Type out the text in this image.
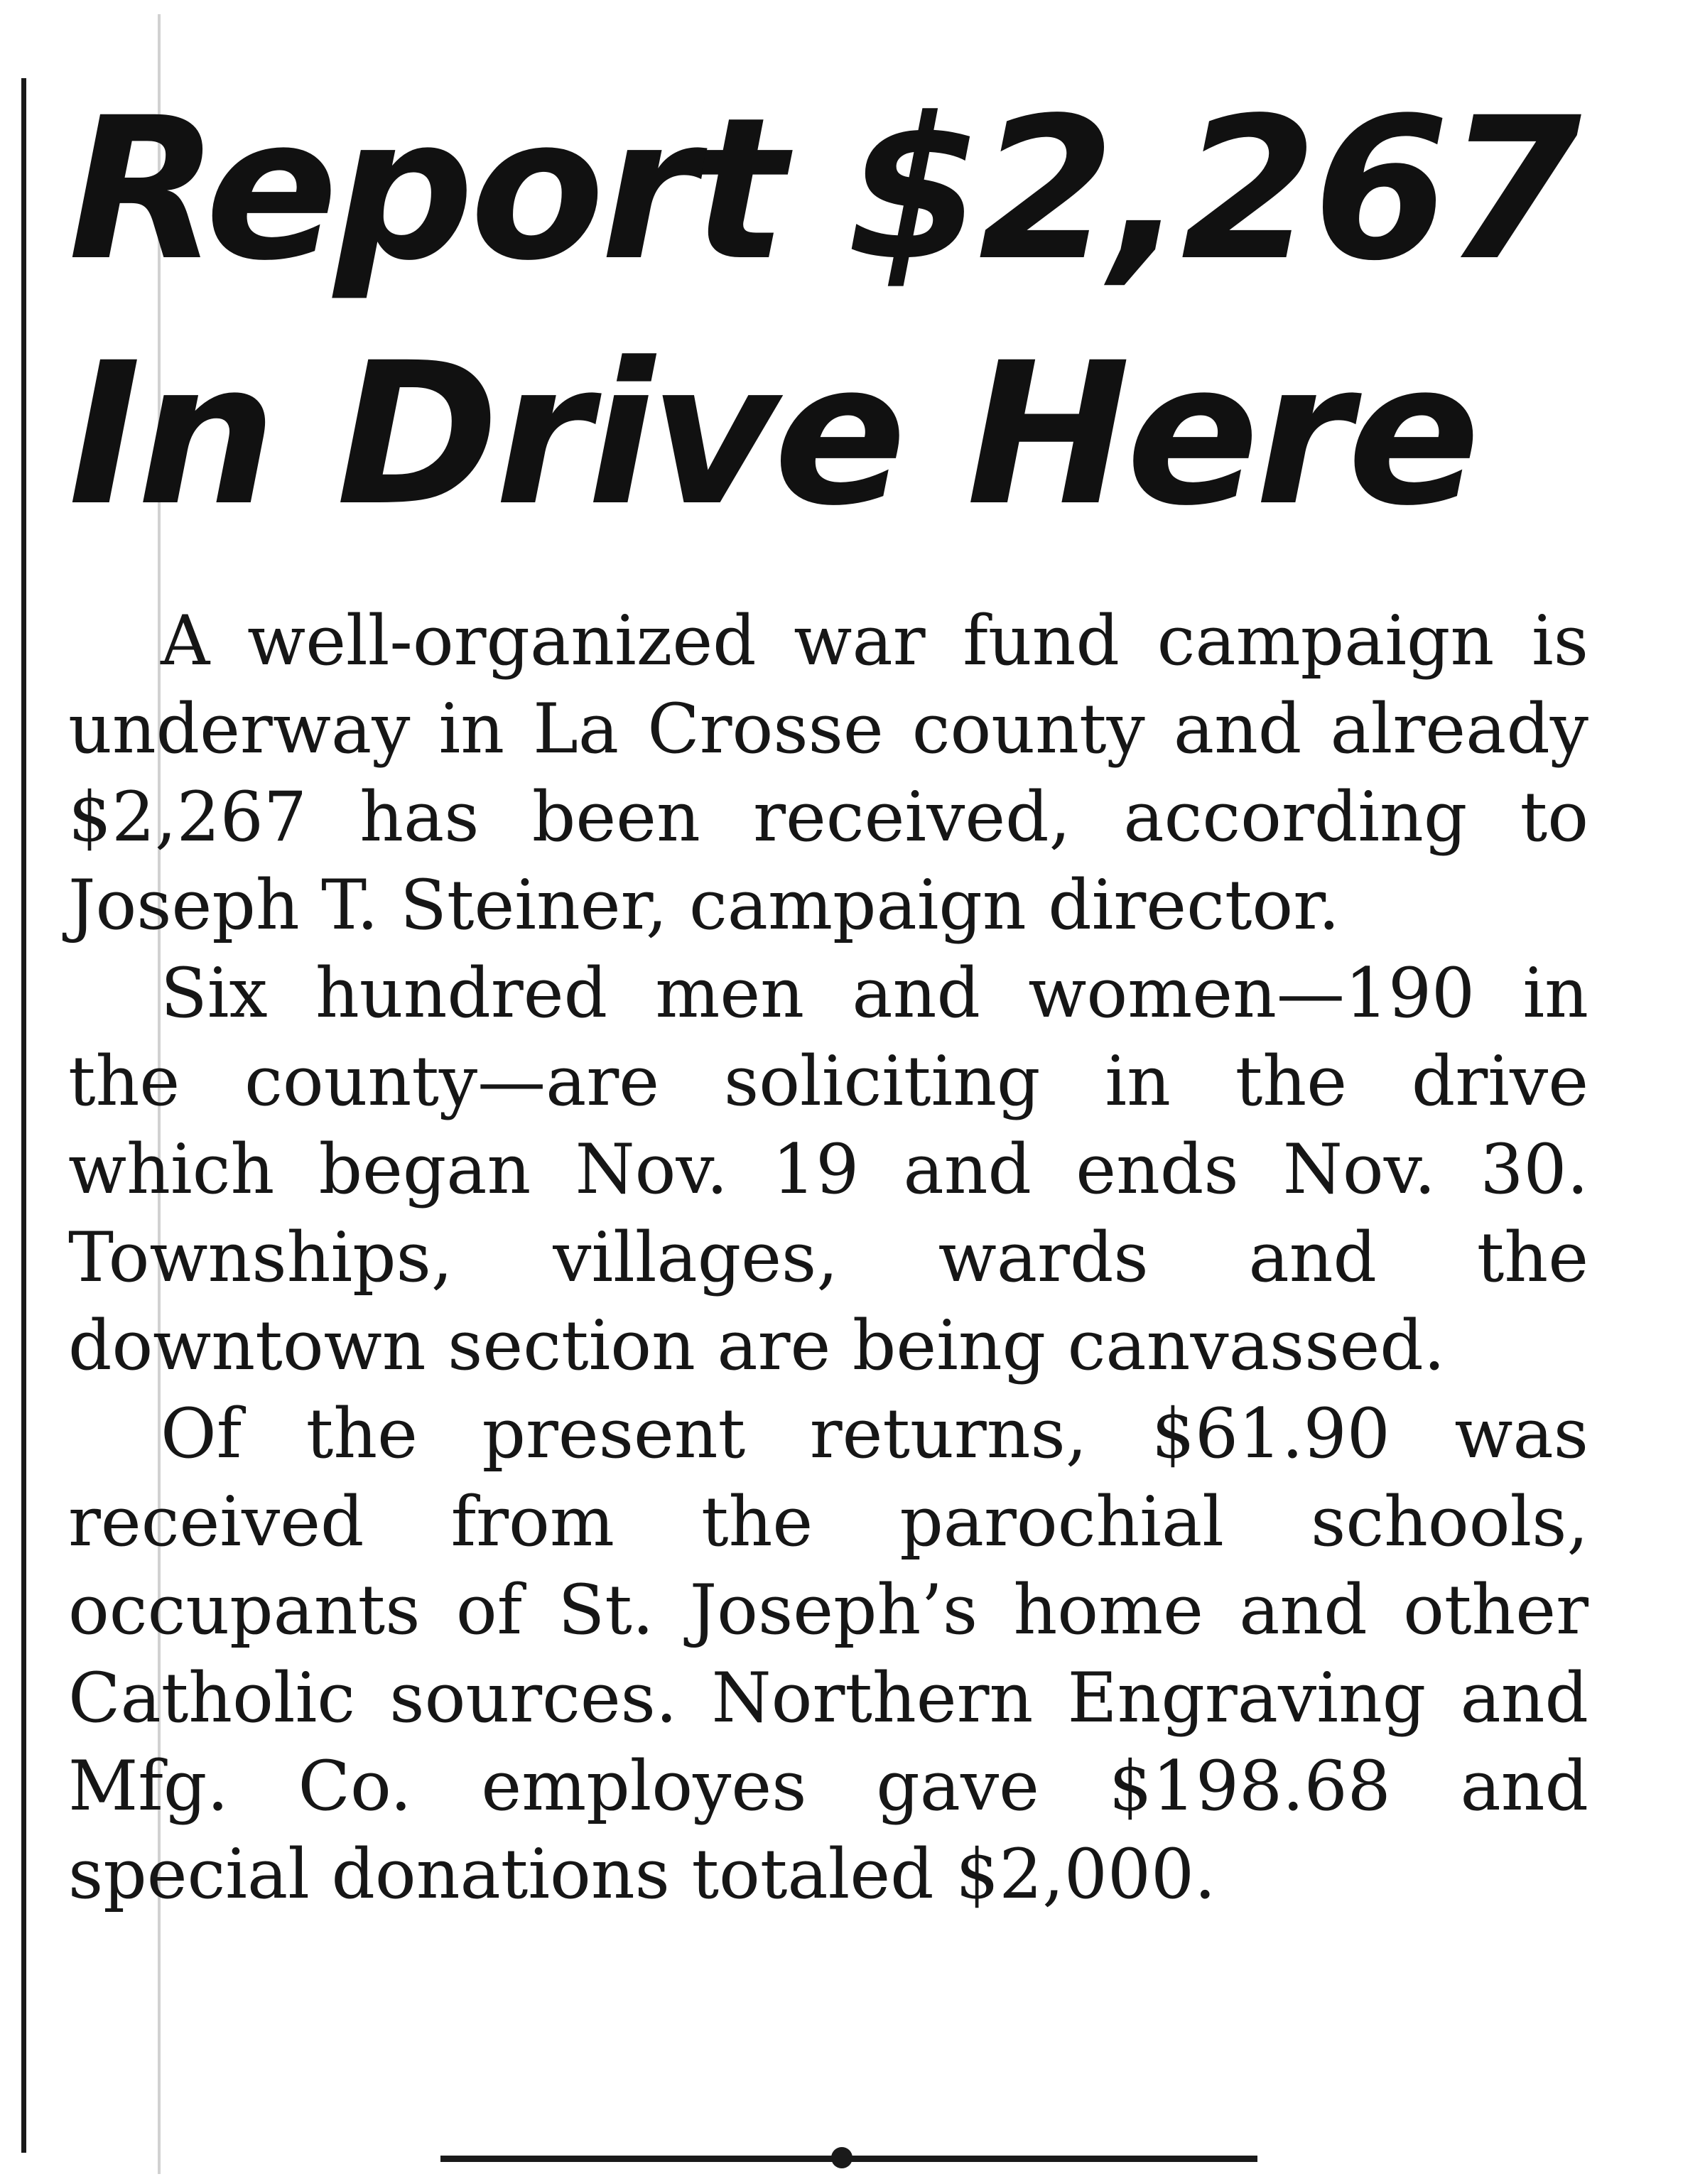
Report $2,267
In Drive Here

A well-organized war fund campaign is underway in La Crosse county and already $2,267 has been received, according to Joseph T. Steiner, campaign director.

Six hundred men and women—190 in the county—are soliciting in the drive which began Nov. 19 and ends Nov. 30. Townships, villages, wards and the downtown section are being canvassed.

Of the present returns, $61.90 was received from the parochial schools, occupants of St. Joseph’s home and other Catholic sources. Northern Engraving and Mfg. Co. employes gave $198.68 and special donations totaled $2,000.
